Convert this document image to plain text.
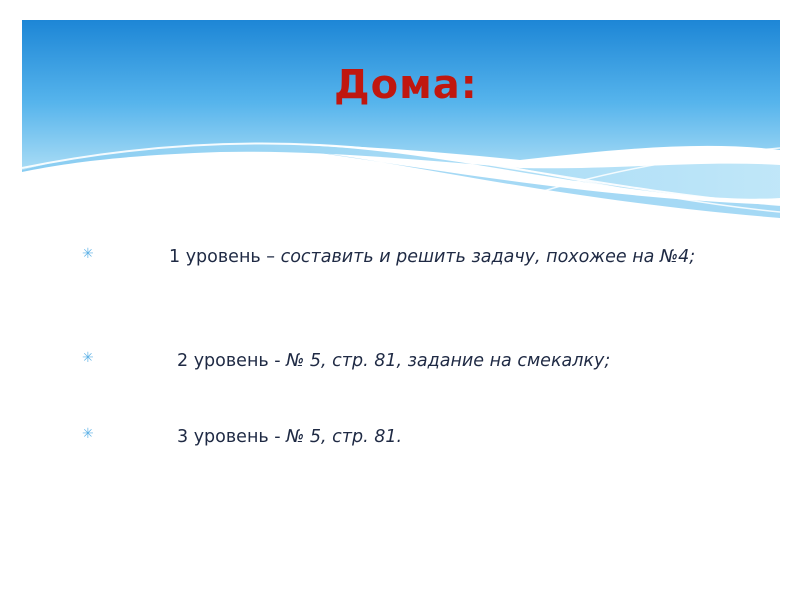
Дома:
✳	1 уровень – составить и решить задачу, похожее на №4;
✳	2 уровень - № 5, стр. 81, задание на смекалку;
✳	3 уровень - № 5, стр. 81.
